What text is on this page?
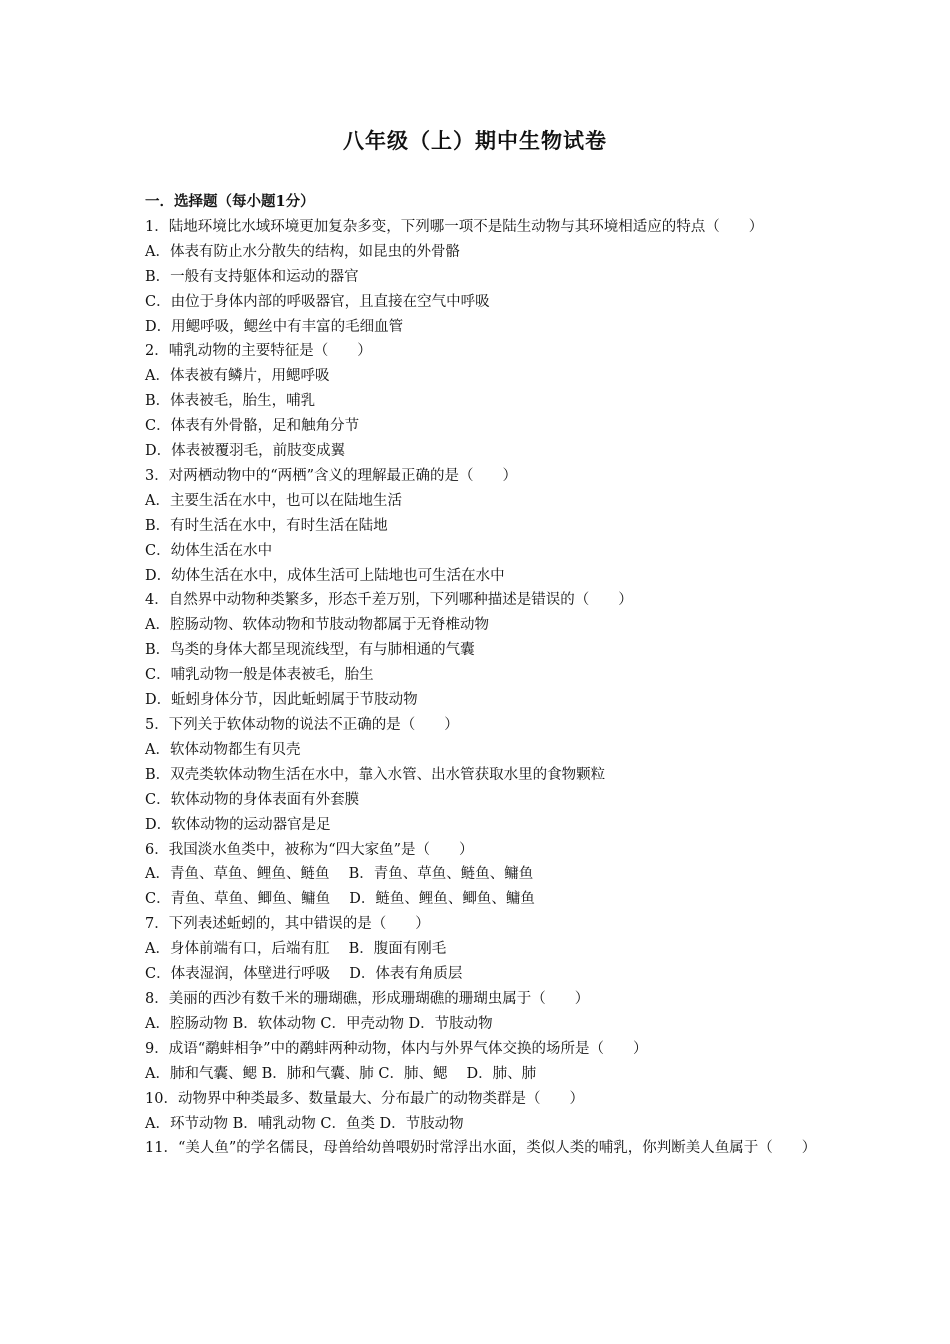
八年级（上）期中生物试卷
一．选择题（每小题1分）
1．陆地环境比水域环境更加复杂多变，下列哪一项不是陆生动物与其环境相适应的特点（　　）
A．体表有防止水分散失的结构，如昆虫的外骨骼
B．一般有支持躯体和运动的器官
C．由位于身体内部的呼吸器官，且直接在空气中呼吸
D．用鳃呼吸，鳃丝中有丰富的毛细血管
2．哺乳动物的主要特征是（　　）
A．体表被有鳞片，用鳃呼吸
B．体表被毛，胎生，哺乳
C．体表有外骨骼，足和触角分节
D．体表被覆羽毛，前肢变成翼
3．对两栖动物中的“两栖”含义的理解最正确的是（　　）
A．主要生活在水中，也可以在陆地生活
B．有时生活在水中，有时生活在陆地
C．幼体生活在水中
D．幼体生活在水中，成体生活可上陆地也可生活在水中
4．自然界中动物种类繁多，形态千差万别，下列哪种描述是错误的（　　）
A．腔肠动物、软体动物和节肢动物都属于无脊椎动物
B．鸟类的身体大都呈现流线型，有与肺相通的气囊
C．哺乳动物一般是体表被毛，胎生
D．蚯蚓身体分节，因此蚯蚓属于节肢动物
5．下列关于软体动物的说法不正确的是（　　）
A．软体动物都生有贝壳
B．双壳类软体动物生活在水中，靠入水管、出水管获取水里的食物颗粒
C．软体动物的身体表面有外套膜
D．软体动物的运动器官是足
6．我国淡水鱼类中，被称为“四大家鱼”是（　　）
A．青鱼、草鱼、鲤鱼、鲢鱼　 B．青鱼、草鱼、鲢鱼、鳙鱼
C．青鱼、草鱼、鲫鱼、鳙鱼　 D．鲢鱼、鲤鱼、鲫鱼、鳙鱼
7．下列表述蚯蚓的，其中错误的是（　　）
A．身体前端有口，后端有肛　 B．腹面有刚毛
C．体表湿润，体壁进行呼吸　 D．体表有角质层
8．美丽的西沙有数千米的珊瑚礁，形成珊瑚礁的珊瑚虫属于（　　）
A．腔肠动物 B．软体动物 C．甲壳动物 D．节肢动物
9．成语“鹬蚌相争”中的鹬蚌两种动物，体内与外界气体交换的场所是（　　）
A．肺和气囊、鳃 B．肺和气囊、肺 C．肺、鳃　 D．肺、肺
10．动物界中种类最多、数量最大、分布最广的动物类群是（　　）
A．环节动物 B．哺乳动物 C．鱼类 D．节肢动物
11．“美人鱼”的学名儒艮，母兽给幼兽喂奶时常浮出水面，类似人类的哺乳，你判断美人鱼属于（　　）
